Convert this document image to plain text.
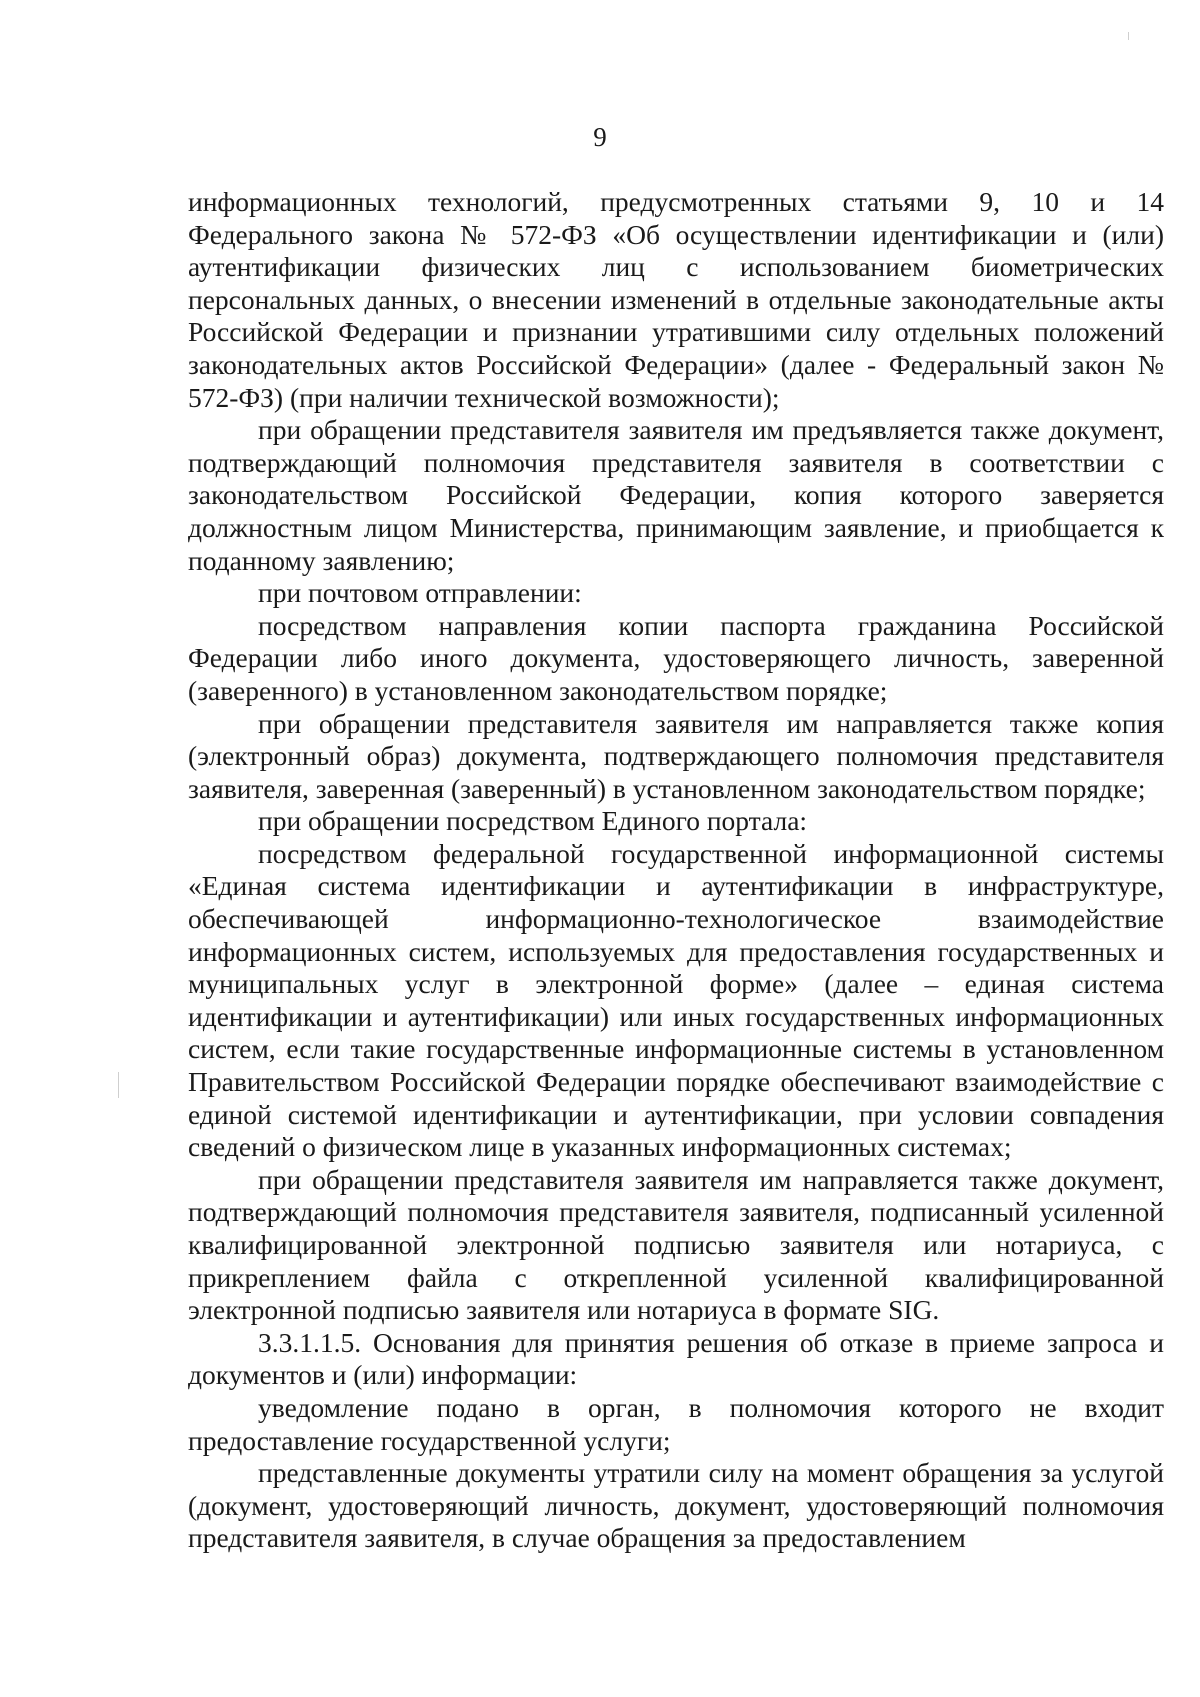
9

информационных технологий, предусмотренных статьями 9, 10 и 14 Федерального закона № 572-ФЗ «Об осуществлении идентификации и (или) аутентификации физических лиц с использованием биометрических персональных данных, о внесении изменений в отдельные законодательные акты Российской Федерации и признании утратившими силу отдельных положений законодательных актов Российской Федерации» (далее - Федеральный закон № 572-ФЗ) (при наличии технической возможности);

при обращении представителя заявителя им предъявляется также документ, подтверждающий полномочия представителя заявителя в соответствии с законодательством Российской Федерации, копия которого заверяется должностным лицом Министерства, принимающим заявление, и приобщается к поданному заявлению;

при почтовом отправлении:

посредством направления копии паспорта гражданина Российской Федерации либо иного документа, удостоверяющего личность, заверенной (заверенного) в установленном законодательством порядке;

при обращении представителя заявителя им направляется также копия (электронный образ) документа, подтверждающего полномочия представителя заявителя, заверенная (заверенный) в установленном законодательством порядке;

при обращении посредством Единого портала:

посредством федеральной государственной информационной системы «Единая система идентификации и аутентификации в инфраструктуре, обеспечивающей информационно-технологическое взаимодействие информационных систем, используемых для предоставления государственных и муниципальных услуг в электронной форме» (далее – единая система идентификации и аутентификации) или иных государственных информационных систем, если такие государственные информационные системы в установленном Правительством Российской Федерации порядке обеспечивают взаимодействие с единой системой идентификации и аутентификации, при условии совпадения сведений о физическом лице в указанных информационных системах;

при обращении представителя заявителя им направляется также документ, подтверждающий полномочия представителя заявителя, подписанный усиленной квалифицированной электронной подписью заявителя или нотариуса, с прикреплением файла с открепленной усиленной квалифицированной электронной подписью заявителя или нотариуса в формате SIG.

3.3.1.1.5. Основания для принятия решения об отказе в приеме запроса и документов и (или) информации:

уведомление подано в орган, в полномочия которого не входит предоставление государственной услуги;

представленные документы утратили силу на момент обращения за услугой (документ, удостоверяющий личность, документ, удостоверяющий полномочия представителя заявителя, в случае обращения за предоставлением
